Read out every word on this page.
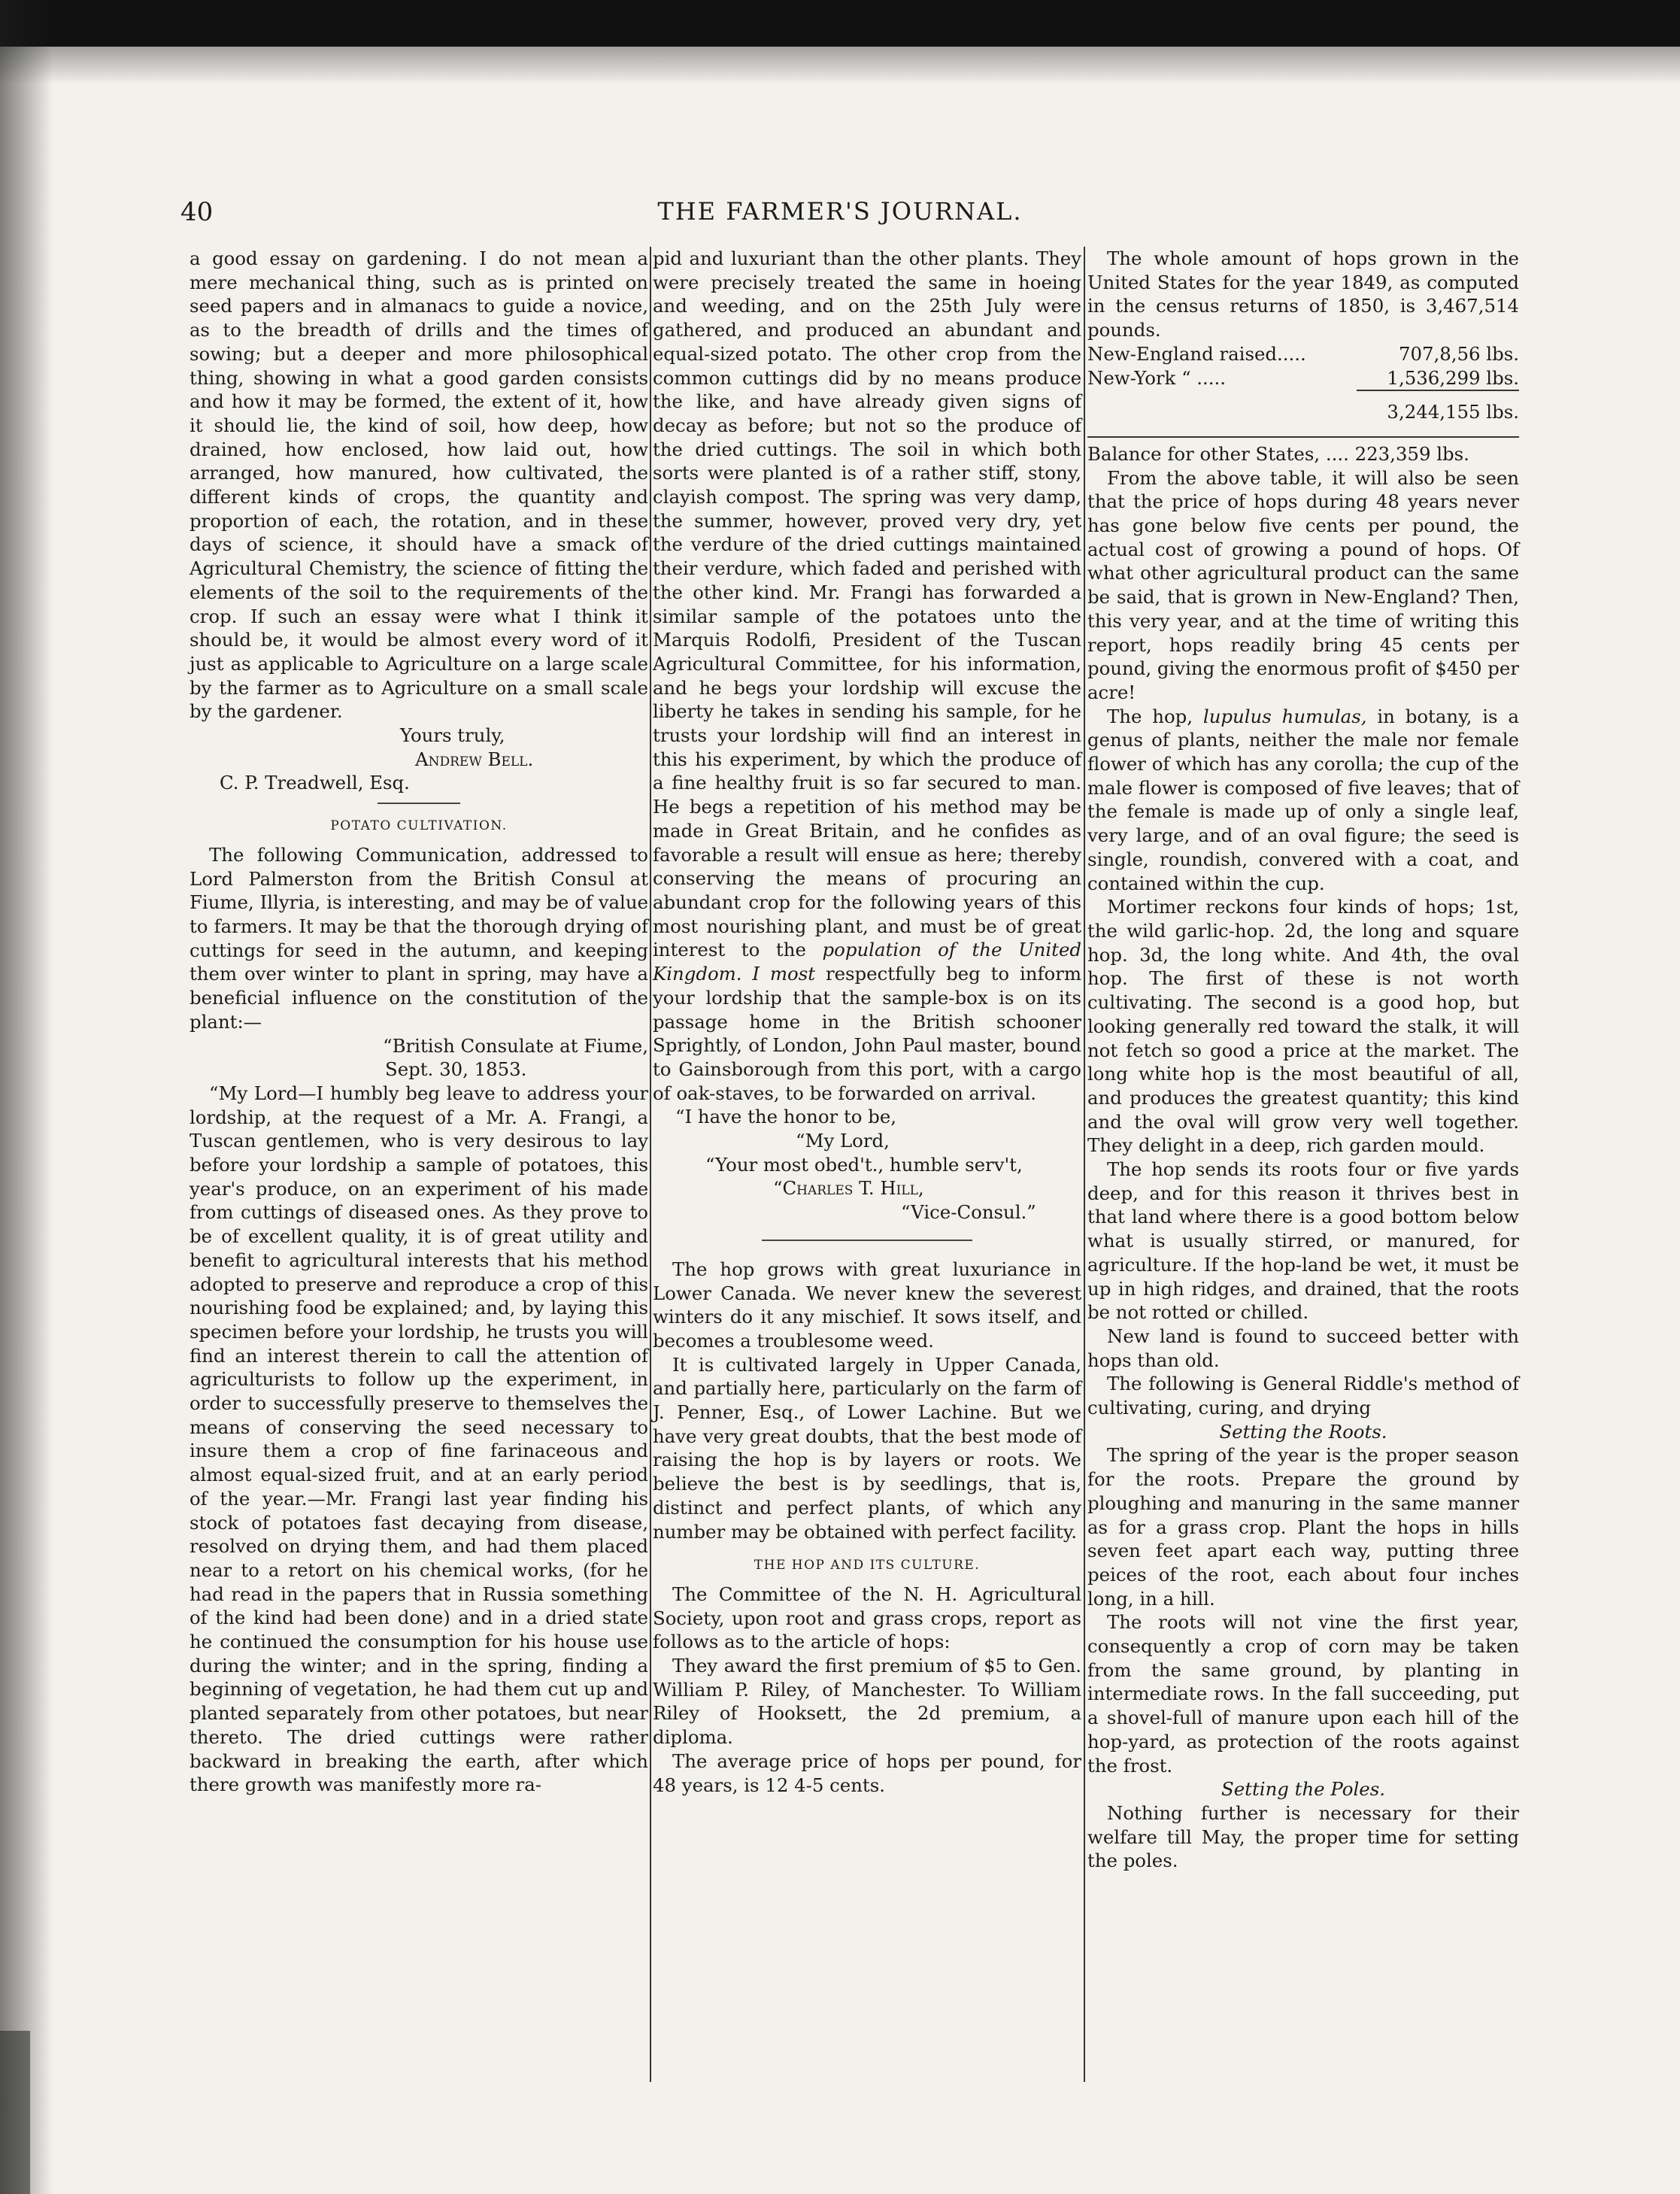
40	THE FARMER'S JOURNAL.

a good essay on gardening. I do not mean a mere mechanical thing, such as is printed on seed papers and in almanacs to guide a novice, as to the breadth of drills and the times of sowing; but a deeper and more philosophical thing, showing in what a good garden consists and how it may be formed, the extent of it, how it should lie, the kind of soil, how deep, how drained, how enclosed, how laid out, how arranged, how manured, how cultivated, the different kinds of crops, the quantity and proportion of each, the rotation, and in these days of science, it should have a smack of Agricultural Chemistry, the science of fitting the elements of the soil to the requirements of the crop. If such an essay were what I think it should be, it would be almost every word of it just as applicable to Agriculture on a large scale by the farmer as to Agriculture on a small scale by the gardener.

Yours truly,

Andrew Bell.

C. P. Treadwell, Esq.

POTATO CULTIVATION.

The following Communication, addressed to Lord Palmerston from the British Consul at Fiume, Illyria, is interesting, and may be of value to farmers. It may be that the thorough drying of cuttings for seed in the autumn, and keeping them over winter to plant in spring, may have a beneficial influence on the constitution of the plant:—

“British Consulate at Fiume,

Sept. 30, 1853.

“My Lord—I humbly beg leave to address your lordship, at the request of a Mr. A. Frangi, a Tuscan gentlemen, who is very desirous to lay before your lordship a sample of potatoes, this year's produce, on an experiment of his made from cuttings of diseased ones. As they prove to be of excellent quality, it is of great utility and benefit to agricultural interests that his method adopted to preserve and reproduce a crop of this nourishing food be explained; and, by laying this specimen before your lordship, he trusts you will find an interest therein to call the attention of agriculturists to follow up the experiment, in order to successfully preserve to themselves the means of conserving the seed necessary to insure them a crop of fine farinaceous and almost equal-sized fruit, and at an early period of the year.—Mr. Frangi last year finding his stock of potatoes fast decaying from disease, resolved on drying them, and had them placed near to a retort on his chemical works, (for he had read in the papers that in Russia something of the kind had been done) and in a dried state he continued the consumption for his house use during the winter; and in the spring, finding a beginning of vegetation, he had them cut up and planted separately from other potatoes, but near thereto. The dried cuttings were rather backward in breaking the earth, after which there growth was manifestly more ra-

pid and luxuriant than the other plants. They were precisely treated the same in hoeing and weeding, and on the 25th July were gathered, and produced an abundant and equal-sized potato. The other crop from the common cuttings did by no means produce the like, and have already given signs of decay as before; but not so the produce of the dried cuttings. The soil in which both sorts were planted is of a rather stiff, stony, clayish compost. The spring was very damp, the summer, however, proved very dry, yet the verdure of the dried cuttings maintained their verdure, which faded and perished with the other kind. Mr. Frangi has forwarded a similar sample of the potatoes unto the Marquis Rodolfi, President of the Tuscan Agricultural Committee, for his information, and he begs your lordship will excuse the liberty he takes in sending his sample, for he trusts your lordship will find an interest in this his experiment, by which the produce of a fine healthy fruit is so far secured to man. He begs a repetition of his method may be made in Great Britain, and he confides as favorable a result will ensue as here; thereby conserving the means of procuring an abundant crop for the following years of this most nourishing plant, and must be of great interest to the population of the United Kingdom. I most respectfully beg to inform your lordship that the sample-box is on its passage home in the British schooner Sprightly, of London, John Paul master, bound to Gainsborough from this port, with a cargo of oak-staves, to be forwarded on arrival.

“I have the honor to be,

“My Lord,

“Your most obed't., humble serv't,

“Charles T. Hill,

“Vice-Consul.”

The hop grows with great luxuriance in Lower Canada. We never knew the severest winters do it any mischief. It sows itself, and becomes a troublesome weed.

It is cultivated largely in Upper Canada, and partially here, particularly on the farm of J. Penner, Esq., of Lower Lachine. But we have very great doubts, that the best mode of raising the hop is by layers or roots. We believe the best is by seedlings, that is, distinct and perfect plants, of which any number may be obtained with perfect facility.

THE HOP AND ITS CULTURE.

The Committee of the N. H. Agricultural Society, upon root and grass crops, report as follows as to the article of hops:

They award the first premium of $5 to Gen. William P. Riley, of Manchester. To William Riley of Hooksett, the 2d premium, a diploma.

The average price of hops per pound, for 48 years, is 12 4-5 cents.

The whole amount of hops grown in the United States for the year 1849, as computed in the census returns of 1850, is 3,467,514 pounds.

New-England raised.....	707,8,56 lbs.
New-York “ .....	1,536,299 lbs.
	3,244,155 lbs.

Balance for other States, .... 223,359 lbs.

From the above table, it will also be seen that the price of hops during 48 years never has gone below five cents per pound, the actual cost of growing a pound of hops. Of what other agricultural product can the same be said, that is grown in New-England? Then, this very year, and at the time of writing this report, hops readily bring 45 cents per pound, giving the enormous profit of $450 per acre!

The hop, lupulus humulas, in botany, is a genus of plants, neither the male nor female flower of which has any corolla; the cup of the male flower is composed of five leaves; that of the female is made up of only a single leaf, very large, and of an oval figure; the seed is single, roundish, convered with a coat, and contained within the cup.

Mortimer reckons four kinds of hops; 1st, the wild garlic-hop. 2d, the long and square hop. 3d, the long white. And 4th, the oval hop. The first of these is not worth cultivating. The second is a good hop, but looking generally red toward the stalk, it will not fetch so good a price at the market. The long white hop is the most beautiful of all, and produces the greatest quantity; this kind and the oval will grow very well together. They delight in a deep, rich garden mould.

The hop sends its roots four or five yards deep, and for this reason it thrives best in that land where there is a good bottom below what is usually stirred, or manured, for agriculture. If the hop-land be wet, it must be up in high ridges, and drained, that the roots be not rotted or chilled.

New land is found to succeed better with hops than old.

The following is General Riddle's method of cultivating, curing, and drying

Setting the Roots.

The spring of the year is the proper season for the roots. Prepare the ground by ploughing and manuring in the same manner as for a grass crop. Plant the hops in hills seven feet apart each way, putting three peices of the root, each about four inches long, in a hill.

The roots will not vine the first year, consequently a crop of corn may be taken from the same ground, by planting in intermediate rows. In the fall succeeding, put a shovel-full of manure upon each hill of the hop-yard, as protection of the roots against the frost.

Setting the Poles.

Nothing further is necessary for their welfare till May, the proper time for setting the poles.
